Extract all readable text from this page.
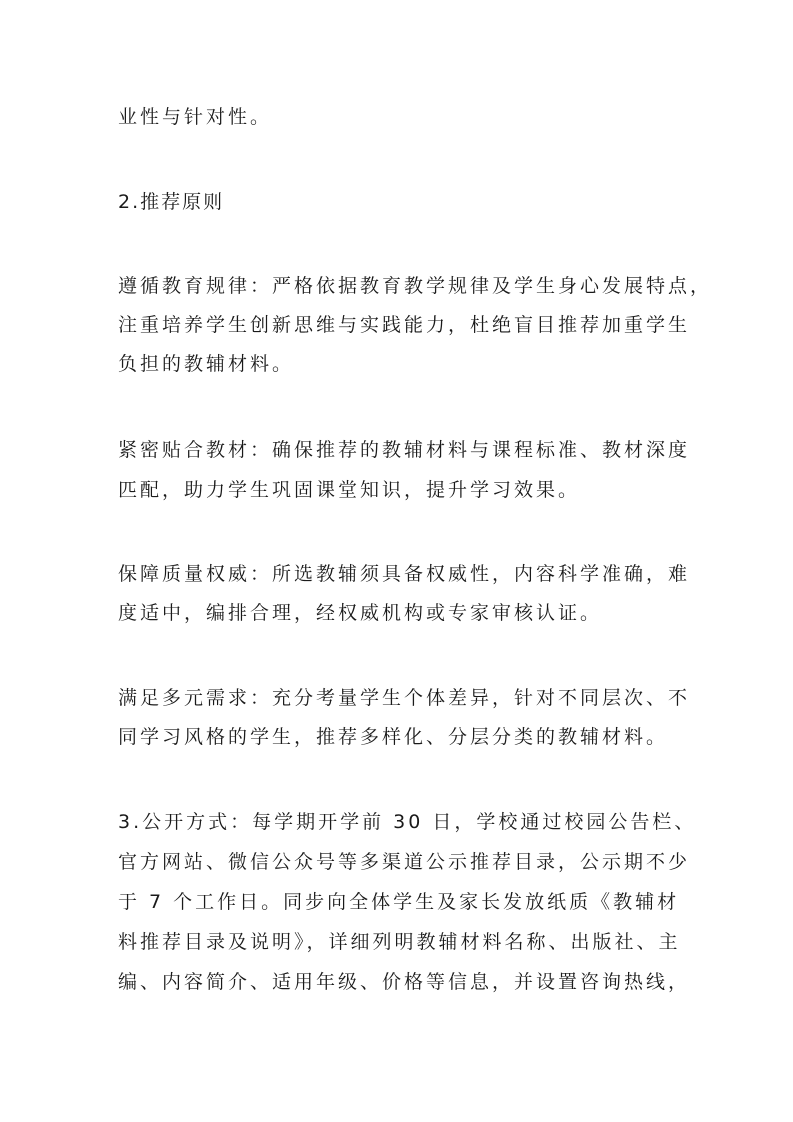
业性与针对性。
2.推荐原则
遵循教育规律：严格依据教育教学规律及学生身心发展特点，
注重培养学生创新思维与实践能力，杜绝盲目推荐加重学生
负担的教辅材料。
紧密贴合教材：确保推荐的教辅材料与课程标准、教材深度
匹配，助力学生巩固课堂知识，提升学习效果。
保障质量权威：所选教辅须具备权威性，内容科学准确，难
度适中，编排合理，经权威机构或专家审核认证。
满足多元需求：充分考量学生个体差异，针对不同层次、不
同学习风格的学生，推荐多样化、分层分类的教辅材料。
3.公开方式：每学期开学前 30 日，学校通过校园公告栏、
官方网站、微信公众号等多渠道公示推荐目录，公示期不少
于 7 个工作日。同步向全体学生及家长发放纸质《教辅材
料推荐目录及说明》，详细列明教辅材料名称、出版社、主
编、内容简介、适用年级、价格等信息，并设置咨询热线，
